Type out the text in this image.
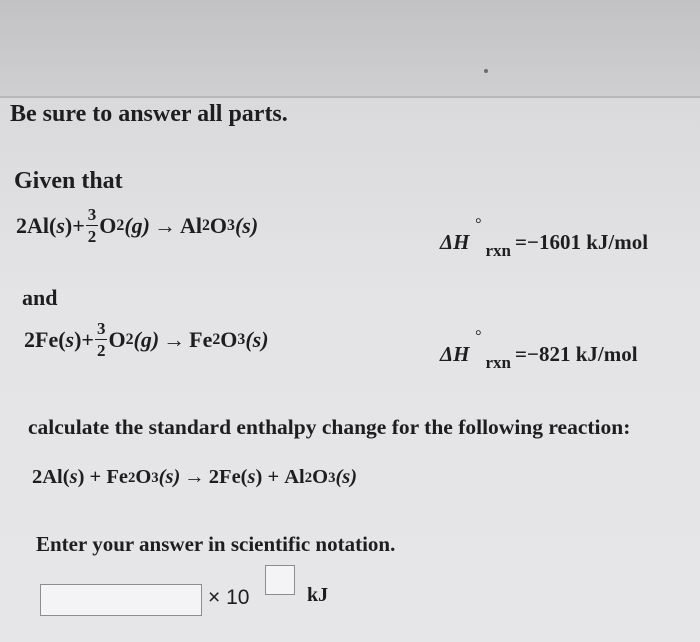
Be sure to answer all parts.
Given that
2Al( s ) + $\frac{3}{2}$ O 2 (g) → Al 2 O 3 (s)
ΔH
°
rxn =−1601 kJ/mol
and
2Fe( s ) + $\frac{3}{2}$ O 2 (g) → Fe 2 O 3 (s)
ΔH
°
rxn =−821 kJ/mol
calculate the standard enthalpy change for the following reaction:
2Al( s ) + Fe 2 O 3 (s) → 2Fe( s ) + Al 2 O 3 (s)
Enter your answer in scientific notation.
× 10	kJ
